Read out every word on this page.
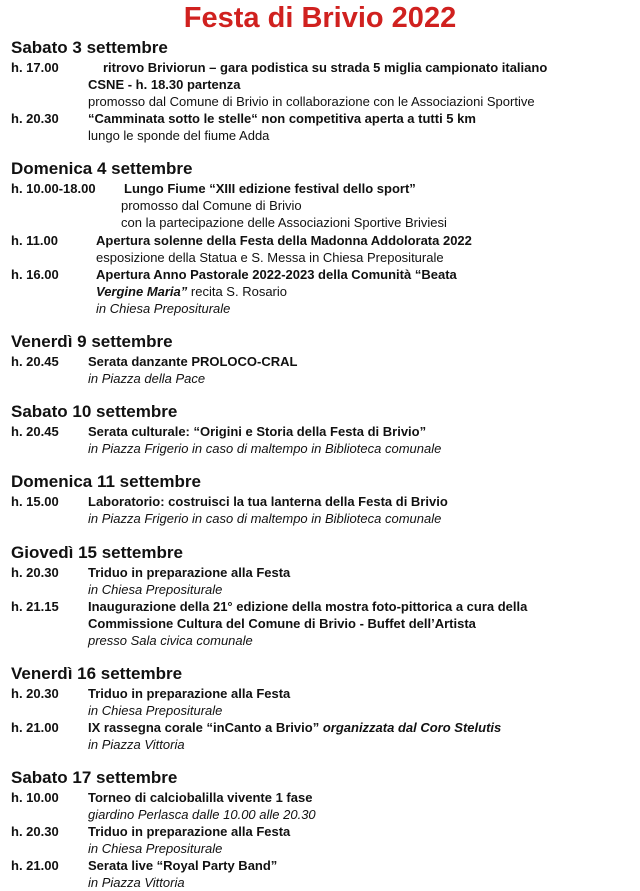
Festa di Brivio 2022
Sabato 3 settembre
h. 17.00	ritrovo Briviorun – gara podistica su strada 5 miglia campionato italiano
CSNE - h. 18.30 partenza
promosso dal Comune di Brivio in collaborazione con le Associazioni Sportive
h. 20.30 “Camminata sotto le stelle“ non competitiva aperta a tutti 5 km
lungo le sponde del fiume Adda
Domenica 4 settembre
h. 10.00-18.00 Lungo Fiume “XIII edizione festival dello sport”
promosso dal Comune di Brivio
con la partecipazione delle Associazioni Sportive Briviesi
h. 11.00	Apertura solenne della Festa della Madonna Addolorata 2022
esposizione della Statua e S. Messa in Chiesa Prepositurale
h. 16.00	Apertura Anno Pastorale 2022-2023 della Comunità “Beata
Vergine Maria” recita S. Rosario
in Chiesa Prepositurale
Venerdì 9 settembre
h. 20.45 Serata danzante PROLOCO-CRAL
in Piazza della Pace
Sabato 10 settembre
h. 20.45 Serata culturale: “Origini e Storia della Festa di Brivio”
in Piazza Frigerio in caso di maltempo in Biblioteca comunale
Domenica 11 settembre
h. 15.00 Laboratorio: costruisci la tua lanterna della Festa di Brivio
in Piazza Frigerio in caso di maltempo in Biblioteca comunale
Giovedì 15 settembre
h. 20.30 Triduo in preparazione alla Festa
in Chiesa Prepositurale
h. 21.15 Inaugurazione della 21° edizione della mostra foto-pittorica a cura della
Commissione Cultura del Comune di Brivio - Buffet dell’Artista
presso Sala civica comunale
Venerdì 16 settembre
h. 20.30 Triduo in preparazione alla Festa
in Chiesa Prepositurale
h. 21.00 IX rassegna corale “inCanto a Brivio” organizzata dal Coro Stelutis
in Piazza Vittoria
Sabato 17 settembre
h. 10.00 Torneo di calciobalilla vivente 1 fase
giardino Perlasca dalle 10.00 alle 20.30
h. 20.30 Triduo in preparazione alla Festa
in Chiesa Prepositurale
h. 21.00 Serata live “Royal Party Band”
in Piazza Vittoria
